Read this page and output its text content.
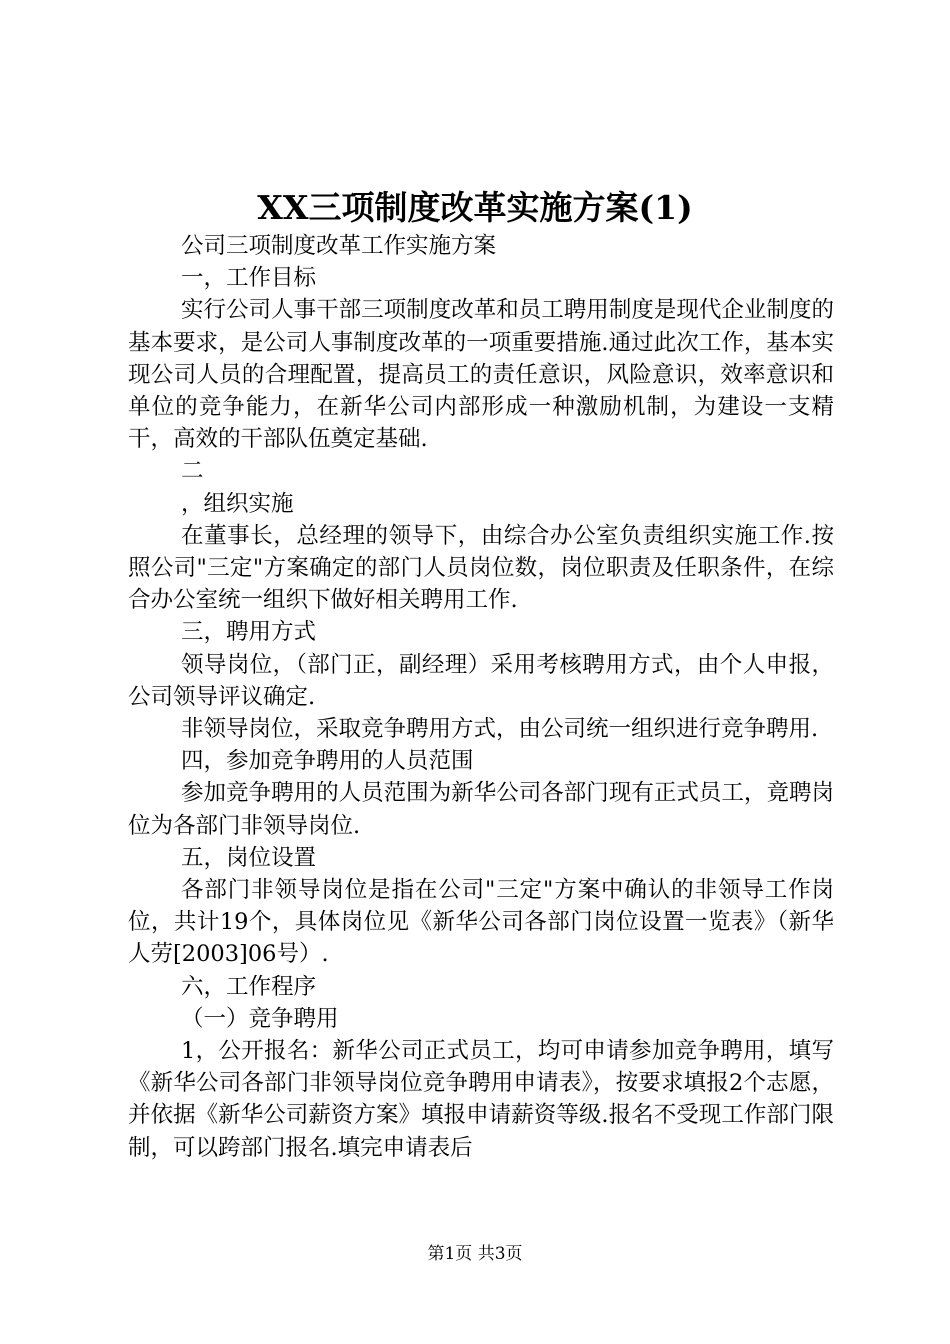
XX三项制度改革实施方案(1)

公司三项制度改革工作实施方案

一，工作目标

实行公司人事干部三项制度改革和员工聘用制度是现代企业制度的基本要求，是公司人事制度改革的一项重要措施.通过此次工作，基本实现公司人员的合理配置，提高员工的责任意识，风险意识，效率意识和单位的竞争能力，在新华公司内部形成一种激励机制，为建设一支精干，高效的干部队伍奠定基础.

二

，组织实施

在董事长，总经理的领导下，由综合办公室负责组织实施工作.按照公司"三定"方案确定的部门人员岗位数，岗位职责及任职条件，在综合办公室统一组织下做好相关聘用工作.

三，聘用方式

领导岗位，（部门正，副经理）采用考核聘用方式，由个人申报，公司领导评议确定.

非领导岗位，采取竞争聘用方式，由公司统一组织进行竞争聘用.

四，参加竞争聘用的人员范围

参加竞争聘用的人员范围为新华公司各部门现有正式员工，竟聘岗位为各部门非领导岗位.

五，岗位设置

各部门非领导岗位是指在公司"三定"方案中确认的非领导工作岗位，共计19个，具体岗位见《新华公司各部门岗位设置一览表》（新华人劳[2003]06号）.

六，工作程序

（一）竞争聘用

1，公开报名：新华公司正式员工，均可申请参加竞争聘用，填写《新华公司各部门非领导岗位竞争聘用申请表》，按要求填报2个志愿，并依据《新华公司薪资方案》填报申请薪资等级.报名不受现工作部门限制，可以跨部门报名.填完申请表后

第1页 共3页
